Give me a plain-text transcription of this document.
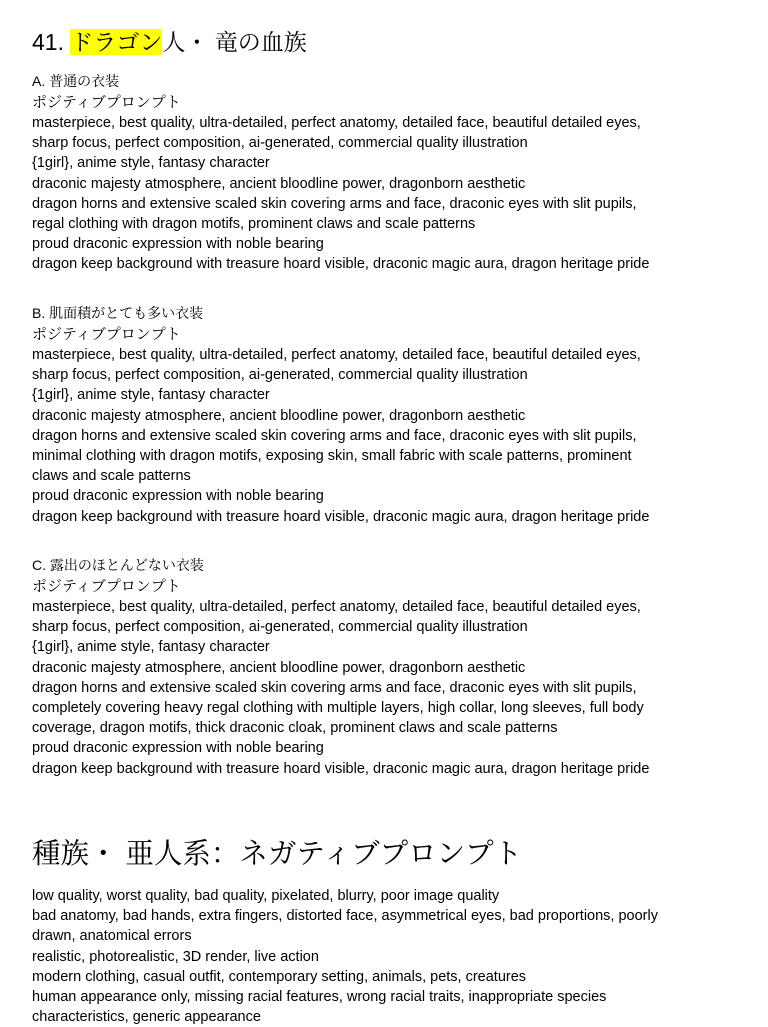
41. ドラゴン人・ 竜の血族
A. 普通の衣装
ポジティブプロンプト
masterpiece, best quality, ultra-detailed, perfect anatomy, detailed face, beautiful detailed eyes,
sharp focus, perfect composition, ai-generated, commercial quality illustration
{1girl}, anime style, fantasy character
draconic majesty atmosphere, ancient bloodline power, dragonborn aesthetic
dragon horns and extensive scaled skin covering arms and face, draconic eyes with slit pupils,
regal clothing with dragon motifs, prominent claws and scale patterns
proud draconic expression with noble bearing
dragon keep background with treasure hoard visible, draconic magic aura, dragon heritage pride
B. 肌面積がとても多い衣装
ポジティブプロンプト
masterpiece, best quality, ultra-detailed, perfect anatomy, detailed face, beautiful detailed eyes,
sharp focus, perfect composition, ai-generated, commercial quality illustration
{1girl}, anime style, fantasy character
draconic majesty atmosphere, ancient bloodline power, dragonborn aesthetic
dragon horns and extensive scaled skin covering arms and face, draconic eyes with slit pupils,
minimal clothing with dragon motifs, exposing skin, small fabric with scale patterns, prominent
claws and scale patterns
proud draconic expression with noble bearing
dragon keep background with treasure hoard visible, draconic magic aura, dragon heritage pride
C. 露出のほとんどない衣装
ポジティブプロンプト
masterpiece, best quality, ultra-detailed, perfect anatomy, detailed face, beautiful detailed eyes,
sharp focus, perfect composition, ai-generated, commercial quality illustration
{1girl}, anime style, fantasy character
draconic majesty atmosphere, ancient bloodline power, dragonborn aesthetic
dragon horns and extensive scaled skin covering arms and face, draconic eyes with slit pupils,
completely covering heavy regal clothing with multiple layers, high collar, long sleeves, full body
coverage, dragon motifs, thick draconic cloak, prominent claws and scale patterns
proud draconic expression with noble bearing
dragon keep background with treasure hoard visible, draconic magic aura, dragon heritage pride
種族・ 亜人系：ネガティブプロンプト
low quality, worst quality, bad quality, pixelated, blurry, poor image quality
bad anatomy, bad hands, extra fingers, distorted face, asymmetrical eyes, bad proportions, poorly
drawn, anatomical errors
realistic, photorealistic, 3D render, live action
modern clothing, casual outfit, contemporary setting, animals, pets, creatures
human appearance only, missing racial features, wrong racial traits, inappropriate species
characteristics, generic appearance
